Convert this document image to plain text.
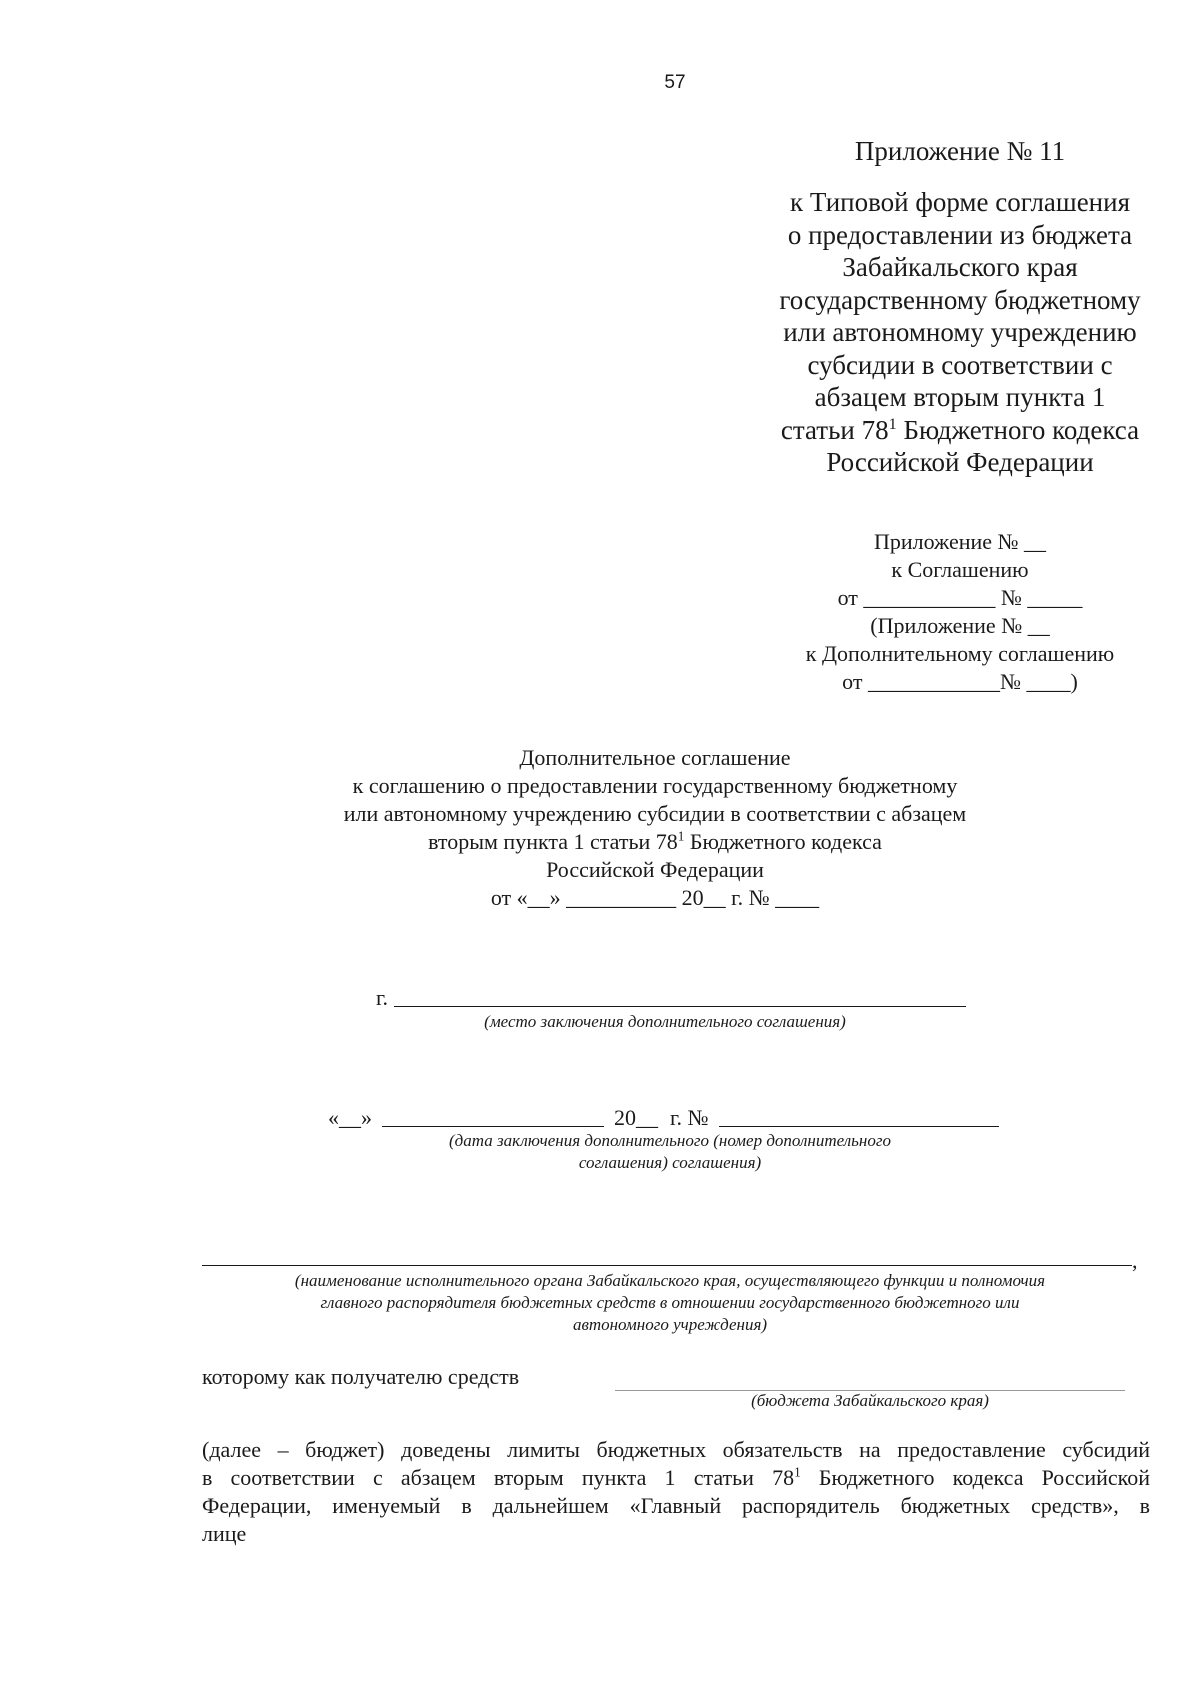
57
Приложение № 11
к Типовой форме соглашения
о предоставлении из бюджета
Забайкальского края
государственному бюджетному
или автономному учреждению
субсидии в соответствии с
абзацем вторым пункта 1
статьи $78^1$ Бюджетного кодекса
Российской Федерации
Приложение № __
к Соглашению
от ____________ № _____
(Приложение № __
к Дополнительному соглашению
от ____________№ ____)
Дополнительное соглашение
к соглашению о предоставлении государственному бюджетному
или автономному учреждению субсидии в соответствии с абзацем
вторым пункта 1 статьи $78^1$ Бюджетного кодекса
Российской Федерации
от «__» __________ 20__ г. № ____
г.
(место заключения дополнительного соглашения)
«__»	20__ г. №
(дата заключения дополнительного (номер дополнительного
соглашения) соглашения)
,
(наименование исполнительного органа Забайкальского края, осуществляющего функции и полномочия
главного распорядителя бюджетных средств в отношении государственного бюджетного или
автономного учреждения)
которому как получателю средств
(бюджета Забайкальского края)
(далее – бюджет) доведены лимиты бюджетных обязательств на предоставление субсидий
в соответствии с абзацем вторым пункта 1 статьи $78^1$ Бюджетного кодекса Российской
Федерации, именуемый в дальнейшем «Главный распорядитель бюджетных средств», в
лице
